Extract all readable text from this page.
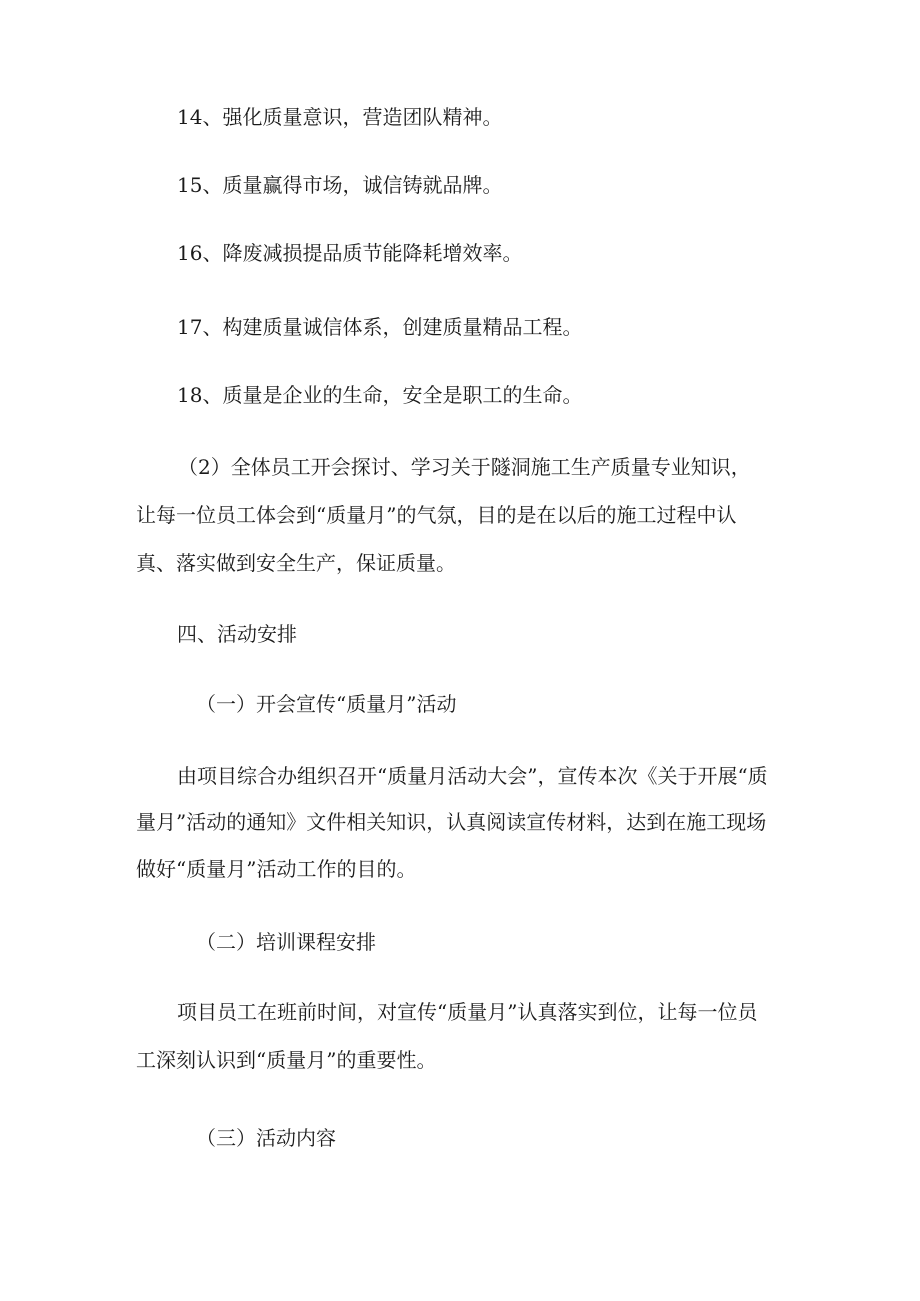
14、强化质量意识，营造团队精神。
15、质量赢得市场，诚信铸就品牌。
16、降废减损提品质节能降耗增效率。
17、构建质量诚信体系，创建质量精品工程。
18、质量是企业的生命，安全是职工的生命。
（2）全体员工开会探讨、学习关于隧洞施工生产质量专业知识，
让每一位员工体会到“质量月”的气氛，目的是在以后的施工过程中认
真、落实做到安全生产，保证质量。
四、活动安排
（一）开会宣传“质量月”活动
由项目综合办组织召开“质量月活动大会”，宣传本次《关于开展“质
量月”活动的通知》文件相关知识，认真阅读宣传材料，达到在施工现场
做好“质量月”活动工作的目的。
（二）培训课程安排
项目员工在班前时间，对宣传“质量月”认真落实到位，让每一位员
工深刻认识到“质量月”的重要性。
（三）活动内容
